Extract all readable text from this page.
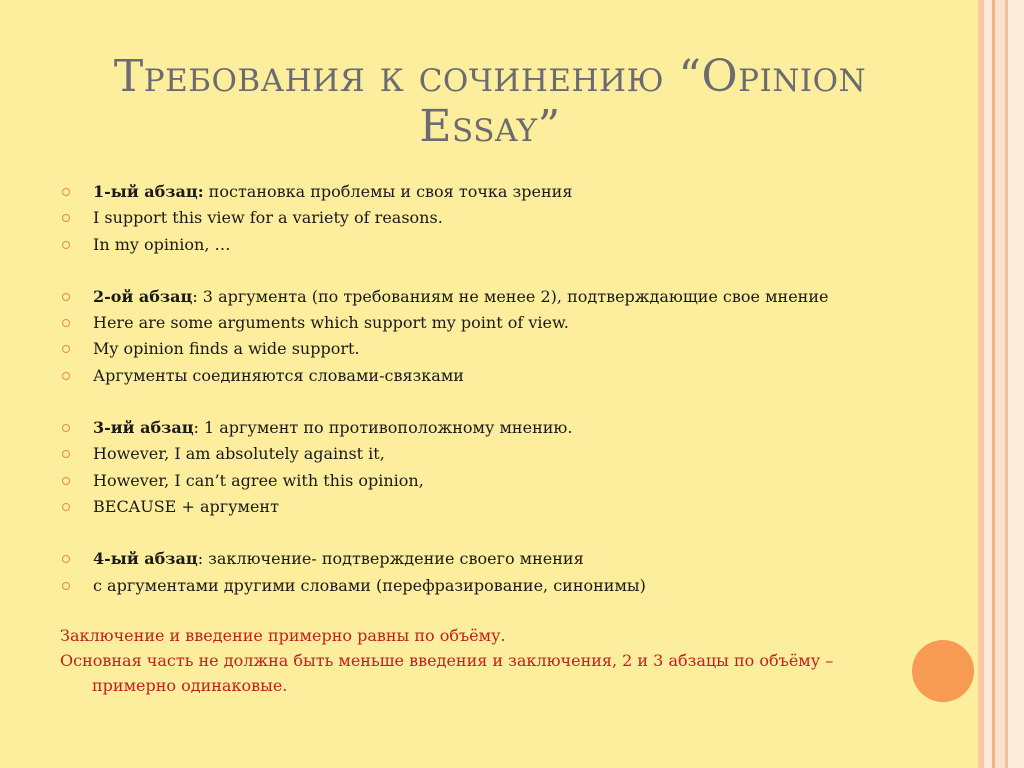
Требования к сочинению “Opinion
Essay”
1-ый абзац: постановка проблемы и своя точка зрения
I support this view for a variety of reasons.
In my opinion, …
2-ой абзац: 3 аргумента (по требованиям не менее 2), подтверждающие свое мнение
Here are some arguments which support my point of view.
My opinion finds a wide support.
Аргументы соединяются словами-связками
3-ий абзац: 1 аргумент по противоположному мнению.
However, I am absolutely against it,
However, I can’t agree with this opinion,
BECAUSE + аргумент
4-ый абзац: заключение- подтверждение своего мнения
с аргументами другими словами (перефразирование, синонимы)
Заключение и введение примерно равны по объёму.
Основная часть не должна быть меньше введения и заключения, 2 и 3 абзацы по объёму –
примерно одинаковые.
